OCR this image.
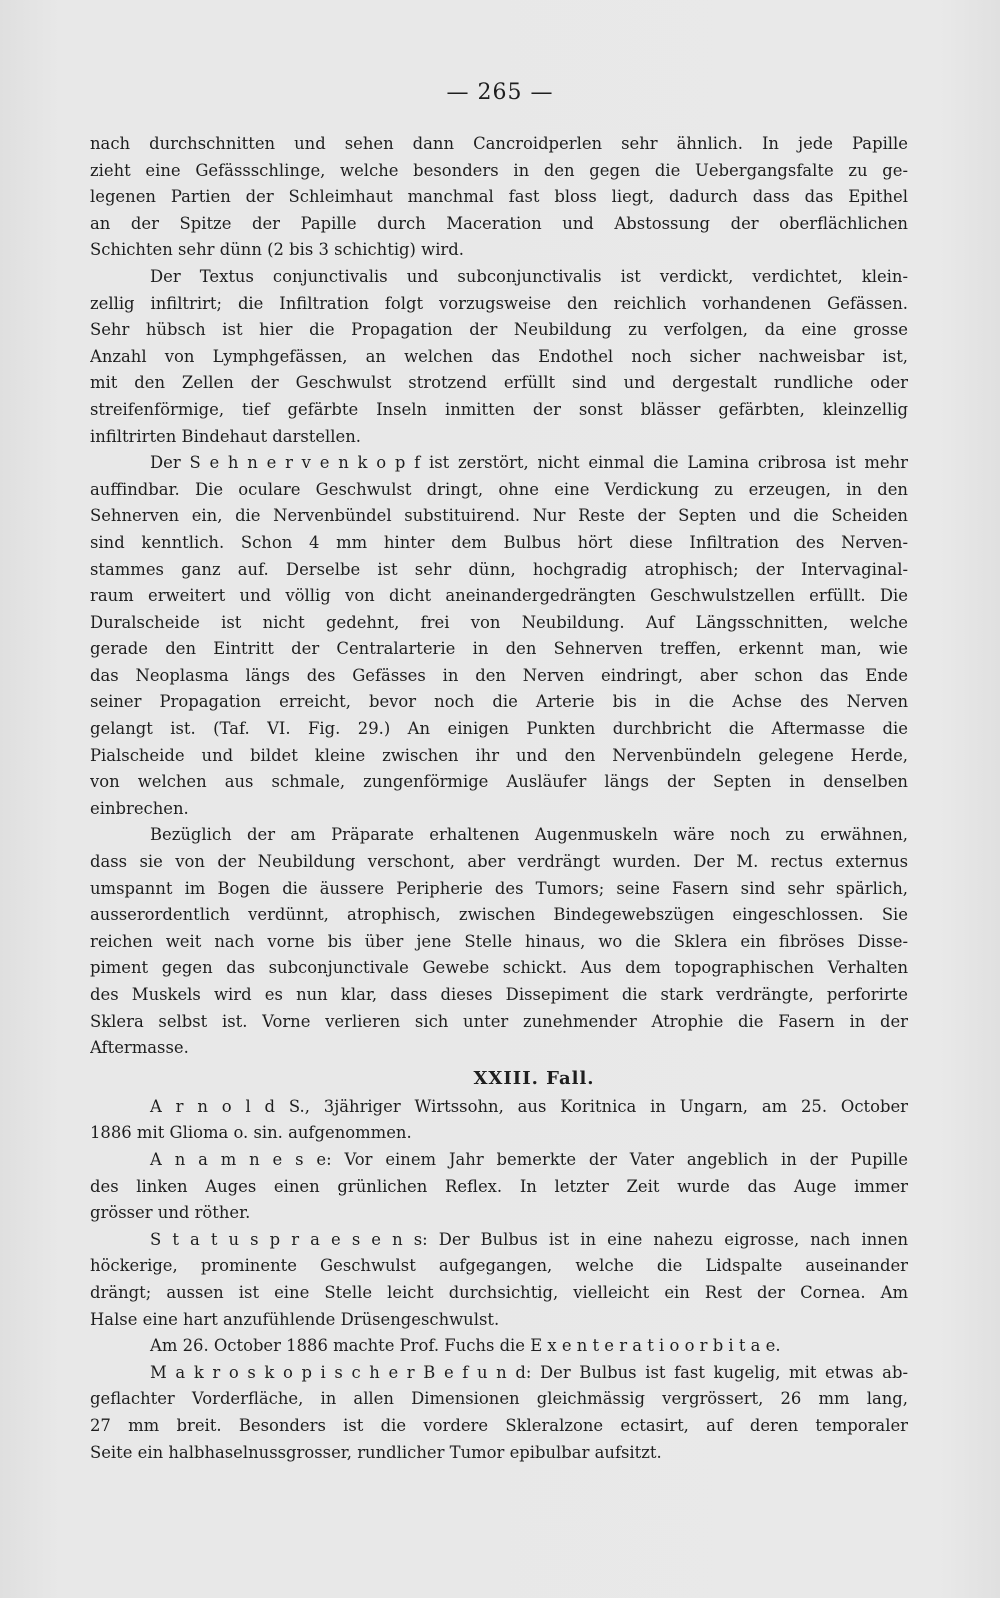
— 265 —
nach durchschnitten und sehen dann Cancroidperlen sehr ähnlich. In jede Papille
zieht eine Gefässschlinge, welche besonders in den gegen die Uebergangsfalte zu ge-
legenen Partien der Schleimhaut manchmal fast bloss liegt, dadurch dass das Epithel
an der Spitze der Papille durch Maceration und Abstossung der oberflächlichen
Schichten sehr dünn (2 bis 3 schichtig) wird.
Der Textus conjunctivalis und subconjunctivalis ist verdickt, verdichtet, klein-
zellig infiltrirt; die Infiltration folgt vorzugsweise den reichlich vorhandenen Gefässen.
Sehr hübsch ist hier die Propagation der Neubildung zu verfolgen, da eine grosse
Anzahl von Lymphgefässen, an welchen das Endothel noch sicher nachweisbar ist,
mit den Zellen der Geschwulst strotzend erfüllt sind und dergestalt rundliche oder
streifenförmige, tief gefärbte Inseln inmitten der sonst blässer gefärbten, kleinzellig
infiltrirten Bindehaut darstellen.
Der S e h n e r v e n k o p f ist zerstört, nicht einmal die Lamina cribrosa ist mehr
auffindbar. Die oculare Geschwulst dringt, ohne eine Verdickung zu erzeugen, in den
Sehnerven ein, die Nervenbündel substituirend. Nur Reste der Septen und die Scheiden
sind kenntlich. Schon 4 mm hinter dem Bulbus hört diese Infiltration des Nerven-
stammes ganz auf. Derselbe ist sehr dünn, hochgradig atrophisch; der Intervaginal-
raum erweitert und völlig von dicht aneinandergedrängten Geschwulstzellen erfüllt. Die
Duralscheide ist nicht gedehnt, frei von Neubildung. Auf Längsschnitten, welche
gerade den Eintritt der Centralarterie in den Sehnerven treffen, erkennt man, wie
das Neoplasma längs des Gefässes in den Nerven eindringt, aber schon das Ende
seiner Propagation erreicht, bevor noch die Arterie bis in die Achse des Nerven
gelangt ist. (Taf. VI. Fig. 29.) An einigen Punkten durchbricht die Aftermasse die
Pialscheide und bildet kleine zwischen ihr und den Nervenbündeln gelegene Herde,
von welchen aus schmale, zungenförmige Ausläufer längs der Septen in denselben
einbrechen.
Bezüglich der am Präparate erhaltenen Augenmuskeln wäre noch zu erwähnen,
dass sie von der Neubildung verschont, aber verdrängt wurden. Der M. rectus externus
umspannt im Bogen die äussere Peripherie des Tumors; seine Fasern sind sehr spärlich,
ausserordentlich verdünnt, atrophisch, zwischen Bindegewebszügen eingeschlossen. Sie
reichen weit nach vorne bis über jene Stelle hinaus, wo die Sklera ein fibröses Disse-
piment gegen das subconjunctivale Gewebe schickt. Aus dem topographischen Verhalten
des Muskels wird es nun klar, dass dieses Dissepiment die stark verdrängte, perforirte
Sklera selbst ist. Vorne verlieren sich unter zunehmender Atrophie die Fasern in der
Aftermasse.
XXIII. Fall.
A r n o l d S., 3jähriger Wirtssohn, aus Koritnica in Ungarn, am 25. October
1886 mit Glioma o. sin. aufgenommen.
A n a m n e s e: Vor einem Jahr bemerkte der Vater angeblich in der Pupille
des linken Auges einen grünlichen Reflex. In letzter Zeit wurde das Auge immer
grösser und röther.
S t a t u s p r a e s e n s: Der Bulbus ist in eine nahezu eigrosse, nach innen
höckerige, prominente Geschwulst aufgegangen, welche die Lidspalte auseinander
drängt; aussen ist eine Stelle leicht durchsichtig, vielleicht ein Rest der Cornea. Am
Halse eine hart anzufühlende Drüsengeschwulst.
Am 26. October 1886 machte Prof. Fuchs die E x e n t e r a t i o o r b i t a e.
M a k r o s k o p i s c h e r B e f u n d: Der Bulbus ist fast kugelig, mit etwas ab-
geflachter Vorderfläche, in allen Dimensionen gleichmässig vergrössert, 26 mm lang,
27 mm breit. Besonders ist die vordere Skleralzone ectasirt, auf deren temporaler
Seite ein halbhaselnussgrosser, rundlicher Tumor epibulbar aufsitzt.
